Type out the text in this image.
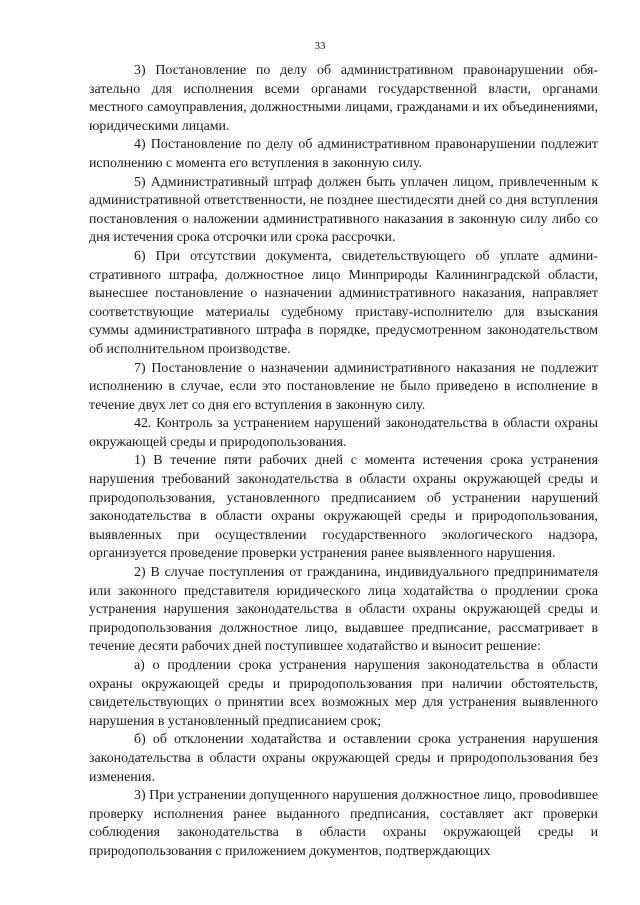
33

3) Постановление по делу об административном правонарушении обязательно для исполнения всеми органами государственной власти, органами местного самоуправления, должностными лицами, гражданами и их объединениями, юридическими лицами.

4) Постановление по делу об административном правонарушении подлежит исполнению с момента его вступления в законную силу.

5) Административный штраф должен быть уплачен лицом, привлеченным к административной ответственности, не позднее шестидесяти дней со дня вступления постановления о наложении административного наказания в законную силу либо со дня истечения срока отсрочки или срока рассрочки.

6) При отсутствии документа, свидетельствующего об уплате административного штрафа, должностное лицо Минприроды Калининградской области, вынесшее постановление о назначении административного наказания, направляет соответствующие материалы судебному приставу-исполнителю для взыскания суммы административного штрафа в порядке, предусмотренном законодательством об исполнительном производстве.

7) Постановление о назначении административного наказания не подлежит исполнению в случае, если это постановление не было приведено в исполнение в течение двух лет со дня его вступления в законную силу.

42. Контроль за устранением нарушений законодательства в области охраны окружающей среды и природопользования.

1) В течение пяти рабочих дней с момента истечения срока устранения нарушения требований законодательства в области охраны окружающей среды и природопользования, установленного предписанием об устранении нарушений законодательства в области охраны окружающей среды и природопользования, выявленных при осуществлении государственного экологического надзора, организуется проведение проверки устранения ранее выявленного нарушения.

2) В случае поступления от гражданина, индивидуального предпринимателя или законного представителя юридического лица ходатайства о продлении срока устранения нарушения законодательства в области охраны окружающей среды и природопользования должностное лицо, выдавшее предписание, рассматривает в течение десяти рабочих дней поступившее ходатайство и выносит решение:

а) о продлении срока устранения нарушения законодательства в области охраны окружающей среды и природопользования при наличии обстоятельств, свидетельствующих о принятии всех возможных мер для устранения выявленного нарушения в установленный предписанием срок;

б) об отклонении ходатайства и оставлении срока устранения нарушения законодательства в области охраны окружающей среды и природопользования без изменения.

3) При устранении допущенного нарушения должностное лицо, провоdившее проверку исполнения ранее выданного предписания, составляет акт проверки соблюдения законодательства в области охраны окружающей среды и природопользования с приложением документов, подтверждающих
